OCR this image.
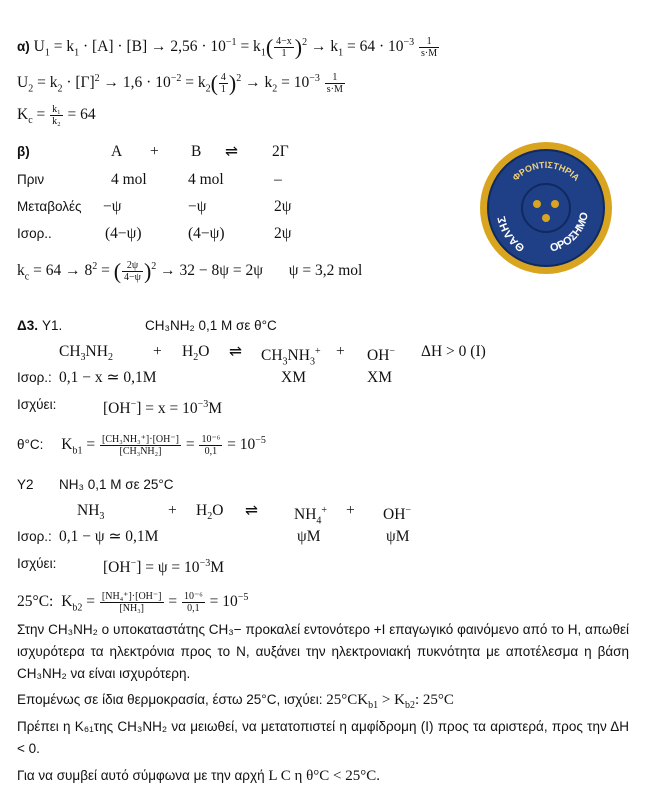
α) $U_1 = k_1 \cdot [A] \cdot [B] \to 2,56 \cdot 10^{-1} = k_1( \frac{4-x}{1} )^2 \to k_1 = 64 \cdot 10^{-3} \frac{1}{s\cdot M}$
$U_2 = k_2 \cdot [\Gamma]^2 \to 1,6 \cdot 10^{-2} = k_2( \frac{4}{1} )^2 \to k_2 = 10^{-3} \frac{1}{s\cdot M}$
$K_c = \frac{\text{k₁}}{\text{k₂}} = 64$
β)	A + B ⇌ 2Γ
Πριν	4 mol	4 mol	–
Μεταβολές −ψ	−ψ	2ψ
Ισορ..	(4−ψ)	(4−ψ)	2ψ
$k_c = 64 \to 8^2$ = ( $\frac{2\psi}{4-\psi} )^2 \to 32 - 8\psi = 2\psi$ ψ = 3,2 mol
ΦΡΟΝΤΙΣΤΗΡΙΑ
ΘΑΛΗΣ
ΟΡΟΣΗΜΟ
Δ3. Υ1.	CH₃NH₂ 0,1 M σε θ°C
$CH_3NH_2$	+ $H_2O$ ⇌ $CH_3NH_3^+ + OH^-$ ΔH > 0 (I)
Ισορ.: 0,1 − x ≃ 0,1M	XM	XM
Ισχύει:	$[OH^-] = x = 10^{-3}M$
θ°C: $K_{b1} = \frac{\text{[CH₃NH₃⁺]·[OH⁻]}}{\text{[CH₃NH₂]}} = \frac{\text{10⁻⁶}}{0,1} = 10^{-5}$
Υ2 NH₃ 0,1 M σε 25°C
$NH_3$	+ $H_2O$ ⇌ $NH_4^+ + OH^-$
Ισορ.: 0,1 − ψ ≃ 0,1M	ψM	ψM
Ισχύει:	$[OH^-] = \psi = 10^{-3}M$
25°C: $K_{b2} = \frac{\text{[NH₄⁺]·[OH⁻]}}{\text{[NH₃]}} = \frac{\text{10⁻⁶}}{0,1} = 10^{-5}$
Στην CH₃NH₂ ο υποκαταστάτης CH₃− προκαλεί εντονότερο +I επαγωγικό φαινόμενο από το H, απωθεί ισχυρότερα τα ηλεκτρόνια προς το N, αυξάνει την ηλεκτρονιακή πυκνότητα με αποτέλεσμα η βάση CH₃NH₂ να είναι ισχυρότερη.
Επομένως σε ίδια θερμοκρασία, έστω 25°C, ισχύει: $25^\circ CK_{b1} > K_{b2}$: 25°C
Πρέπει η K₆₁της CH₃NH₂ να μειωθεί, να μετατοπιστεί η αμφίδρομη (I) προς τα αριστερά, προς την ΔH < 0.
Για να συμβεί αυτό σύμφωνα με την αρχή L C η θ°C < 25°C.
